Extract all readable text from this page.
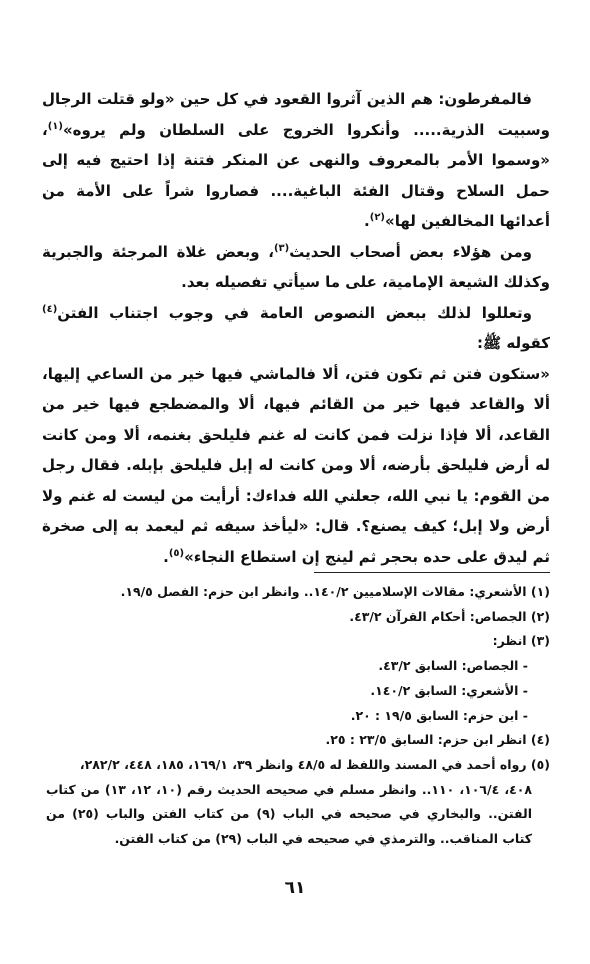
فالمفرطون: هم الذين آثروا القعود في كل حين «ولو قتلت الرجال وسبيت الذرية..... وأنكروا الخروج على السلطان ولم يروه»$^{(١)}$، «وسموا الأمر بالمعروف والنهى عن المنكر فتنة إذا احتيج فيه إلى حمل السلاح وقتال الفئة الباغية.... فصاروا شراً على الأمة من أعدائها المخالفين لها»$^{(٢)}$.

ومن هؤلاء بعض أصحاب الحديث$^{(٣)}$، وبعض غلاة المرجئة والجبرية وكذلك الشيعة الإمامية، على ما سيأتي تفصيله بعد.

وتعللوا لذلك ببعض النصوص العامة في وجوب اجتناب الفتن$^{(٤)}$ كقوله ﷺ:

«ستكون فتن ثم تكون فتن، ألا فالماشي فيها خير من الساعي إليها، ألا والقاعد فيها خير من القائم فيها، ألا والمضطجع فيها خير من القاعد، ألا فإذا نزلت فمن كانت له غنم فليلحق بغنمه، ألا ومن كانت له أرض فليلحق بأرضه، ألا ومن كانت له إبل فليلحق بإبله. فقال رجل من القوم: يا نبي الله، جعلني الله فداءك: أرأيت من ليست له غنم ولا أرض ولا إبل؛ كيف يصنع؟. قال: «ليأخذ سيفه ثم ليعمد به إلى صخرة ثم ليدق على حده بحجر ثم لينج إن استطاع النجاء»$^{(٥)}$.

(١) الأشعري: مقالات الإسلاميين ١٤٠/٢.. وانظر ابن حزم: الفصل ١٩/٥.

(٢) الجصاص: أحكام القرآن ٤٣/٢.

(٣) انظر:

- الجصاص: السابق ٤٣/٢.

- الأشعري: السابق ١٤٠/٢.

- ابن حزم: السابق ١٩/٥ : ٢٠.

(٤) انظر ابن حزم: السابق ٢٣/٥ : ٢٥.

(٥) رواه أحمد في المسند واللفظ له ٤٨/٥ وانظر ٣٩، ١٦٩/١، ١٨٥، ٤٤٨، ٢٨٢/٢،

٤٠٨، ١٠٦/٤، ١١٠.. وانظر مسلم في صحيحه الحديث رقم (١٠، ١٢، ١٣) من كتاب الفتن.. والبخاري في صحيحه في الباب (٩) من كتاب الفتن والباب (٢٥) من كتاب المناقب.. والترمذي في صحيحه في الباب (٢٩) من كتاب الفتن.

٦١
